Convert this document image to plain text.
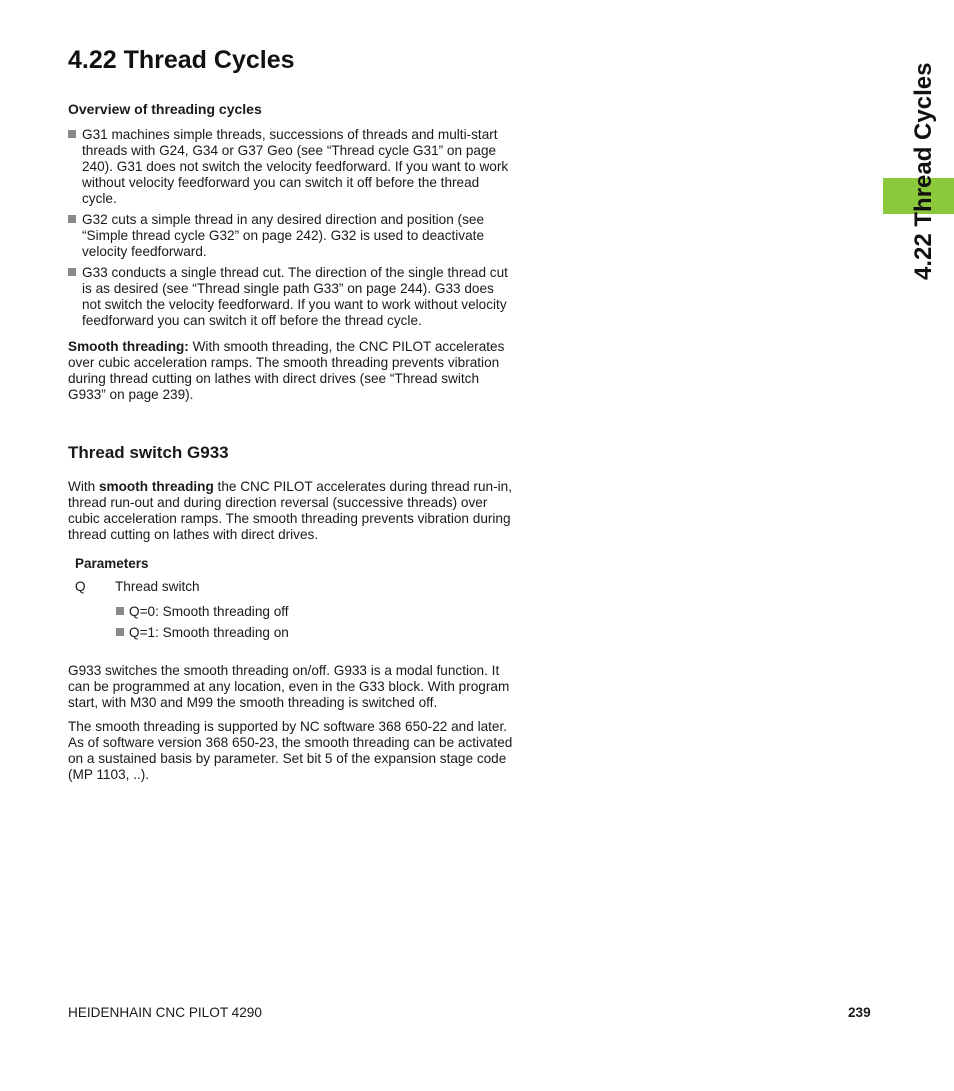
4.22 Thread Cycles
4.22 Thread Cycles
Overview of threading cycles
G31 machines simple threads, successions of threads and multi-start threads with G24, G34 or G37 Geo (see “Thread cycle G31” on page 240). G31 does not switch the velocity feedforward. If you want to work without velocity feedforward you can switch it off before the thread cycle.
G32 cuts a simple thread in any desired direction and position (see “Simple thread cycle G32” on page 242). G32 is used to deactivate velocity feedforward.
G33 conducts a single thread cut. The direction of the single thread cut is as desired (see “Thread single path G33” on page 244). G33 does not switch the velocity feedforward. If you want to work without velocity feedforward you can switch it off before the thread cycle.

Smooth threading: With smooth threading, the CNC PILOT accelerates over cubic acceleration ramps. The smooth threading prevents vibration during thread cutting on lathes with direct drives (see “Thread switch G933” on page 239).

Thread switch G933
With smooth threading the CNC PILOT accelerates during thread run-in, thread run-out and during direction reversal (successive threads) over cubic acceleration ramps. The smooth threading prevents vibration during thread cutting on lathes with direct drives.
Parameters
Q Thread switch
Q=0: Smooth threading off
Q=1: Smooth threading on

G933 switches the smooth threading on/off. G933 is a modal function. It can be programmed at any location, even in the G33 block. With program start, with M30 and M99 the smooth threading is switched off.

The smooth threading is supported by NC software 368 650-22 and later. As of software version 368 650-23, the smooth threading can be activated on a sustained basis by parameter. Set bit 5 of the expansion stage code (MP 1103, ..).

HEIDENHAIN CNC PILOT 4290	239
